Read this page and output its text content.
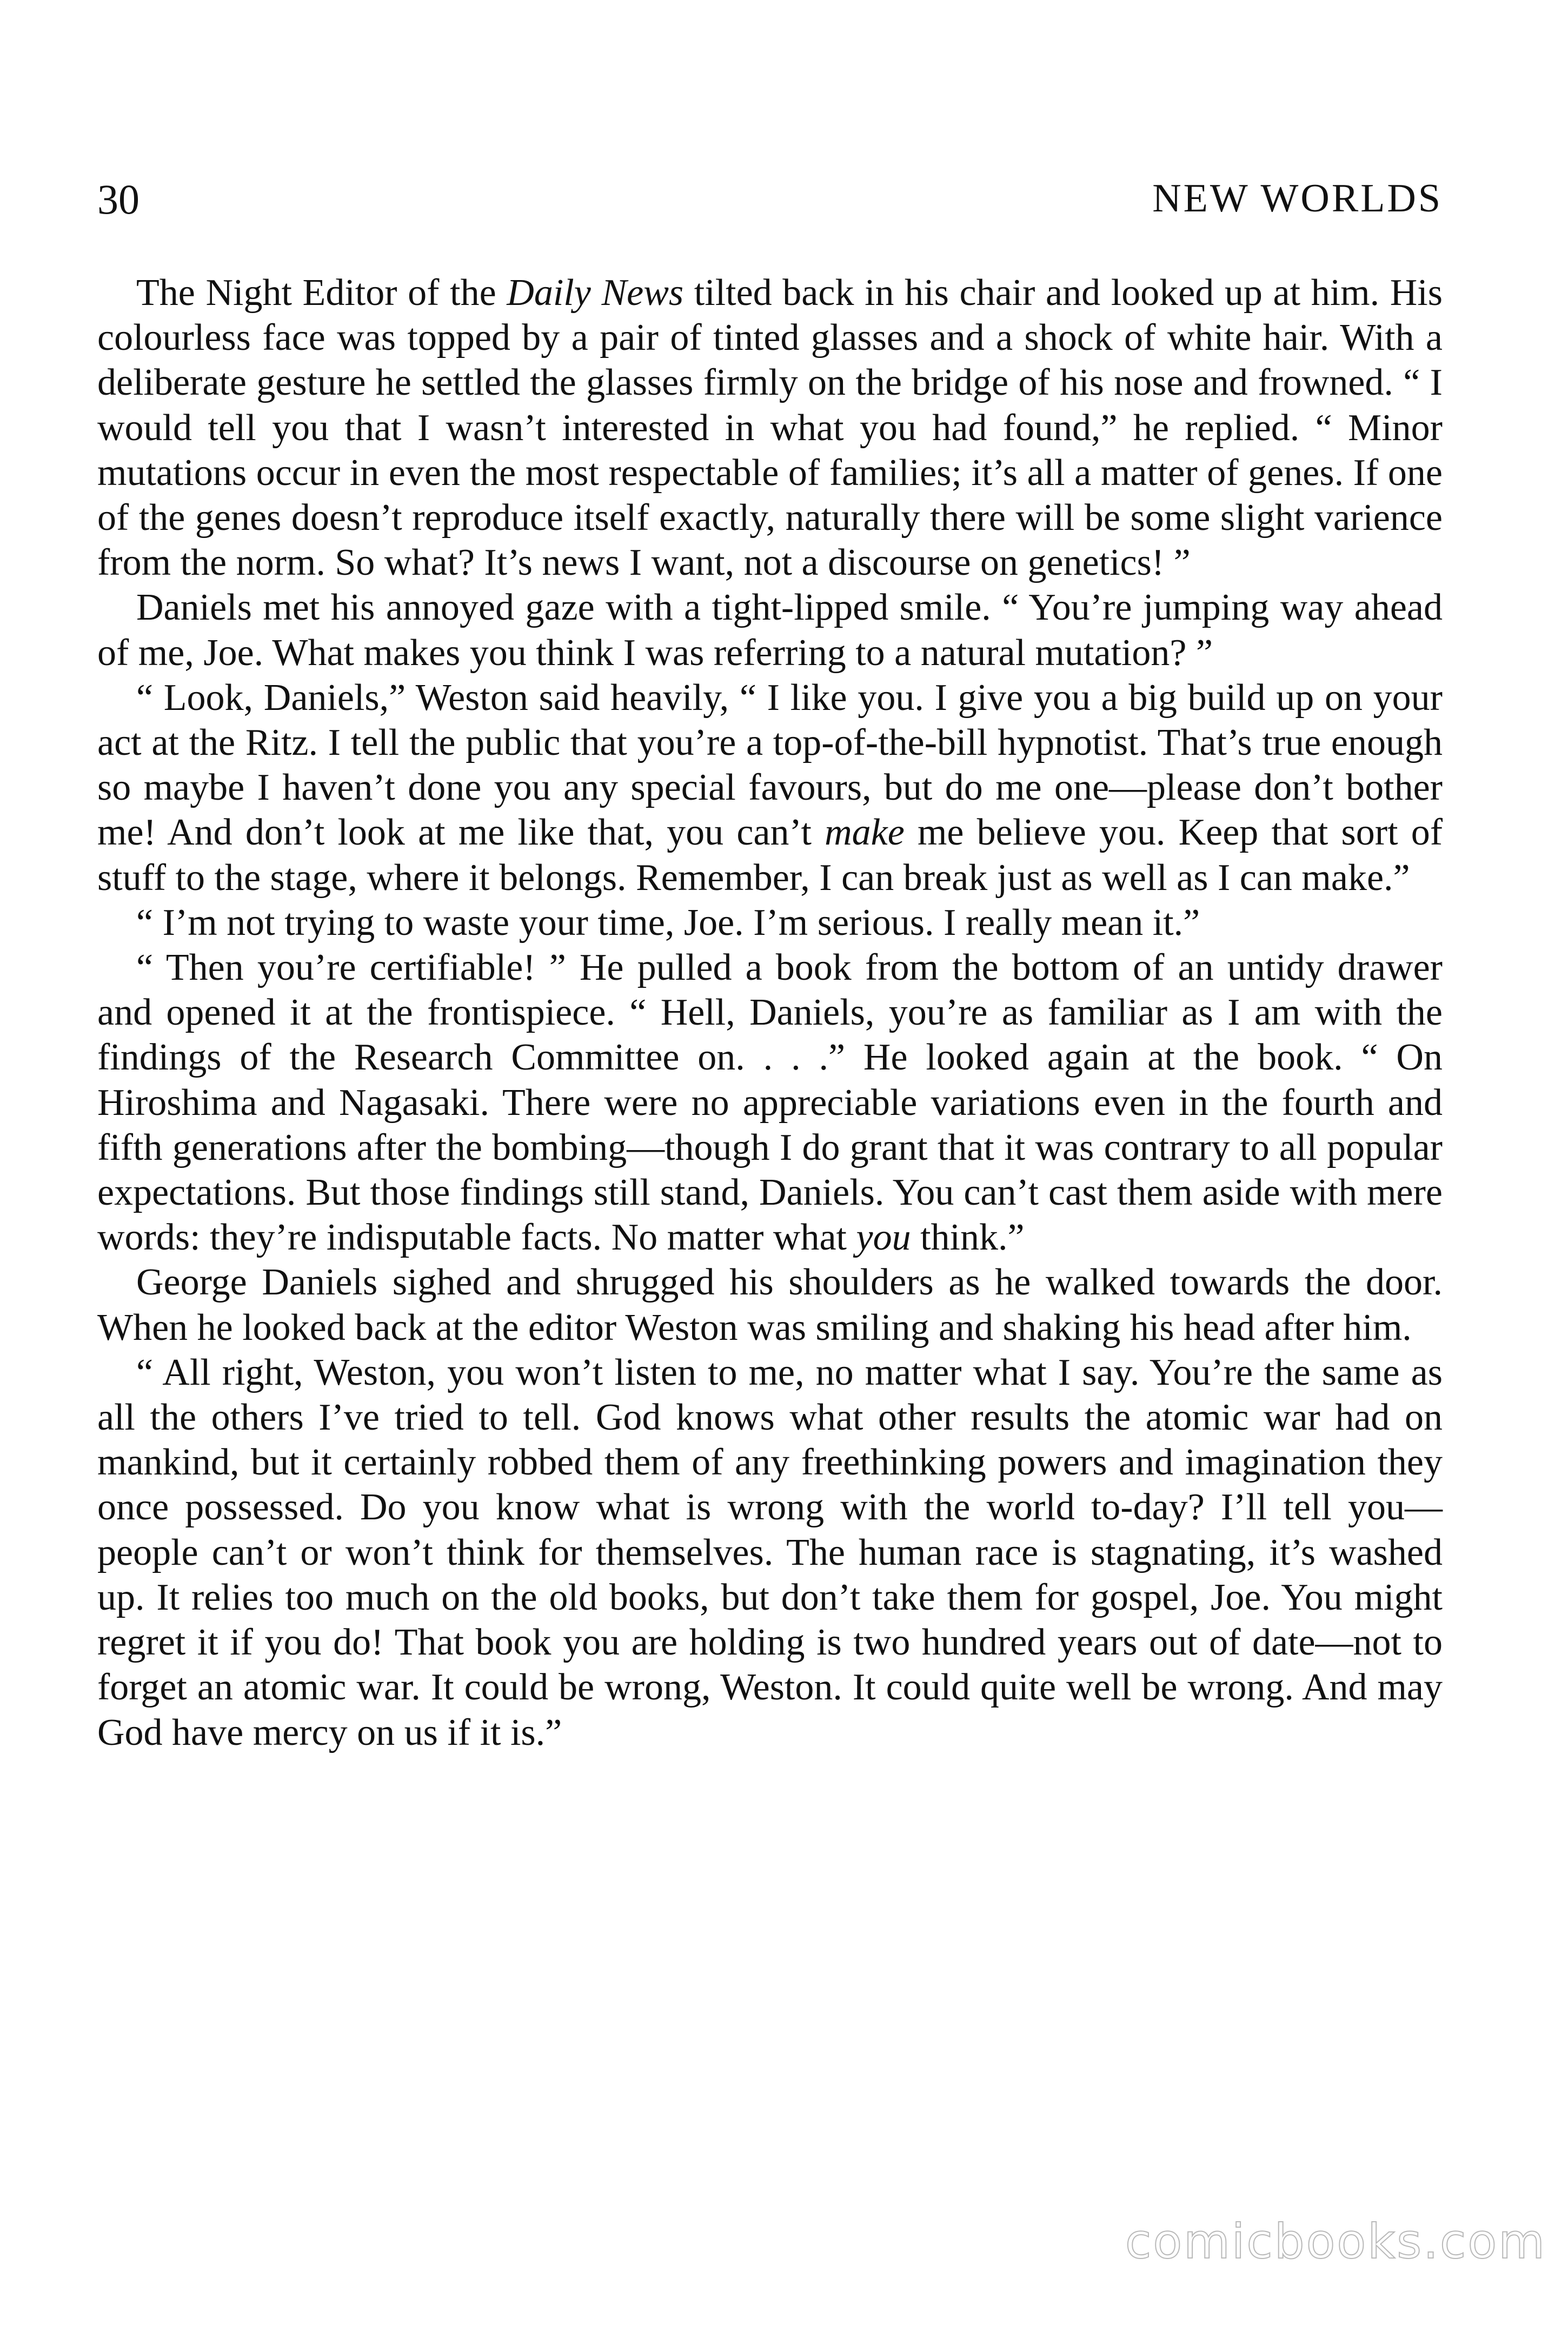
30	NEW WORLDS

The Night Editor of the Daily News tilted back in his chair and looked up at him. His colourless face was topped by a pair of tinted glasses and a shock of white hair. With a deliberate gesture he settled the glasses firmly on the bridge of his nose and frowned. “ I would tell you that I wasn’t interested in what you had found,” he replied. “ Minor mutations occur in even the most respectable of families; it’s all a matter of genes. If one of the genes doesn’t reproduce itself exactly, naturally there will be some slight varience from the norm. So what? It’s news I want, not a discourse on genetics! ”

Daniels met his annoyed gaze with a tight-lipped smile. “ You’re jumping way ahead of me, Joe. What makes you think I was referring to a natural mutation? ”

“ Look, Daniels,” Weston said heavily, “ I like you. I give you a big build up on your act at the Ritz. I tell the public that you’re a top-of-the-bill hypnotist. That’s true enough so maybe I haven’t done you any special favours, but do me one—please don’t bother me! And don’t look at me like that, you can’t make me believe you. Keep that sort of stuff to the stage, where it belongs. Remember, I can break just as well as I can make.”

“ I’m not trying to waste your time, Joe. I’m serious. I really mean it.”

“ Then you’re certifiable! ” He pulled a book from the bottom of an untidy drawer and opened it at the frontispiece. “ Hell, Daniels, you’re as familiar as I am with the findings of the Research Committee on. . . .” He looked again at the book. “ On Hiroshima and Nagasaki. There were no appreciable variations even in the fourth and fifth generations after the bombing—though I do grant that it was contrary to all popular expectations. But those findings still stand, Daniels. You can’t cast them aside with mere words: they’re indisputable facts. No matter what you think.”

George Daniels sighed and shrugged his shoulders as he walked towards the door. When he looked back at the editor Weston was smiling and shaking his head after him.

“ All right, Weston, you won’t listen to me, no matter what I say. You’re the same as all the others I’ve tried to tell. God knows what other results the atomic war had on mankind, but it certainly robbed them of any freethinking powers and imagination they once possessed. Do you know what is wrong with the world to-day? I’ll tell you—people can’t or won’t think for themselves. The human race is stagnating, it’s washed up. It relies too much on the old books, but don’t take them for gospel, Joe. You might regret it if you do! That book you are holding is two hundred years out of date—not to forget an atomic war. It could be wrong, Weston. It could quite well be wrong. And may God have mercy on us if it is.”

comicbooks.com
